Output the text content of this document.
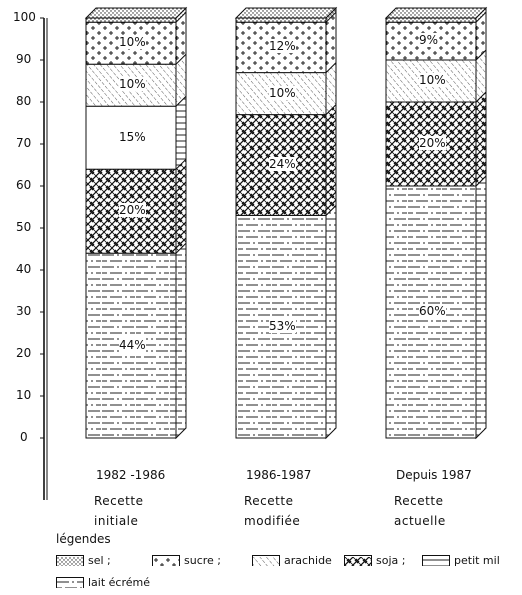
0
10
20
30
40
50
60
70
80
90
100
44%
20%
15%
10%
10%
1982 -1986
Recette
initiale
53%
24%
10%
12%
1986-1987
Recette
modifiée
60%
20%
10%
9%
Depuis 1987
Recette
actuelle
légendes
sel ;	sucre ;	arachide	soja ;	petit mil
lait écrémé
